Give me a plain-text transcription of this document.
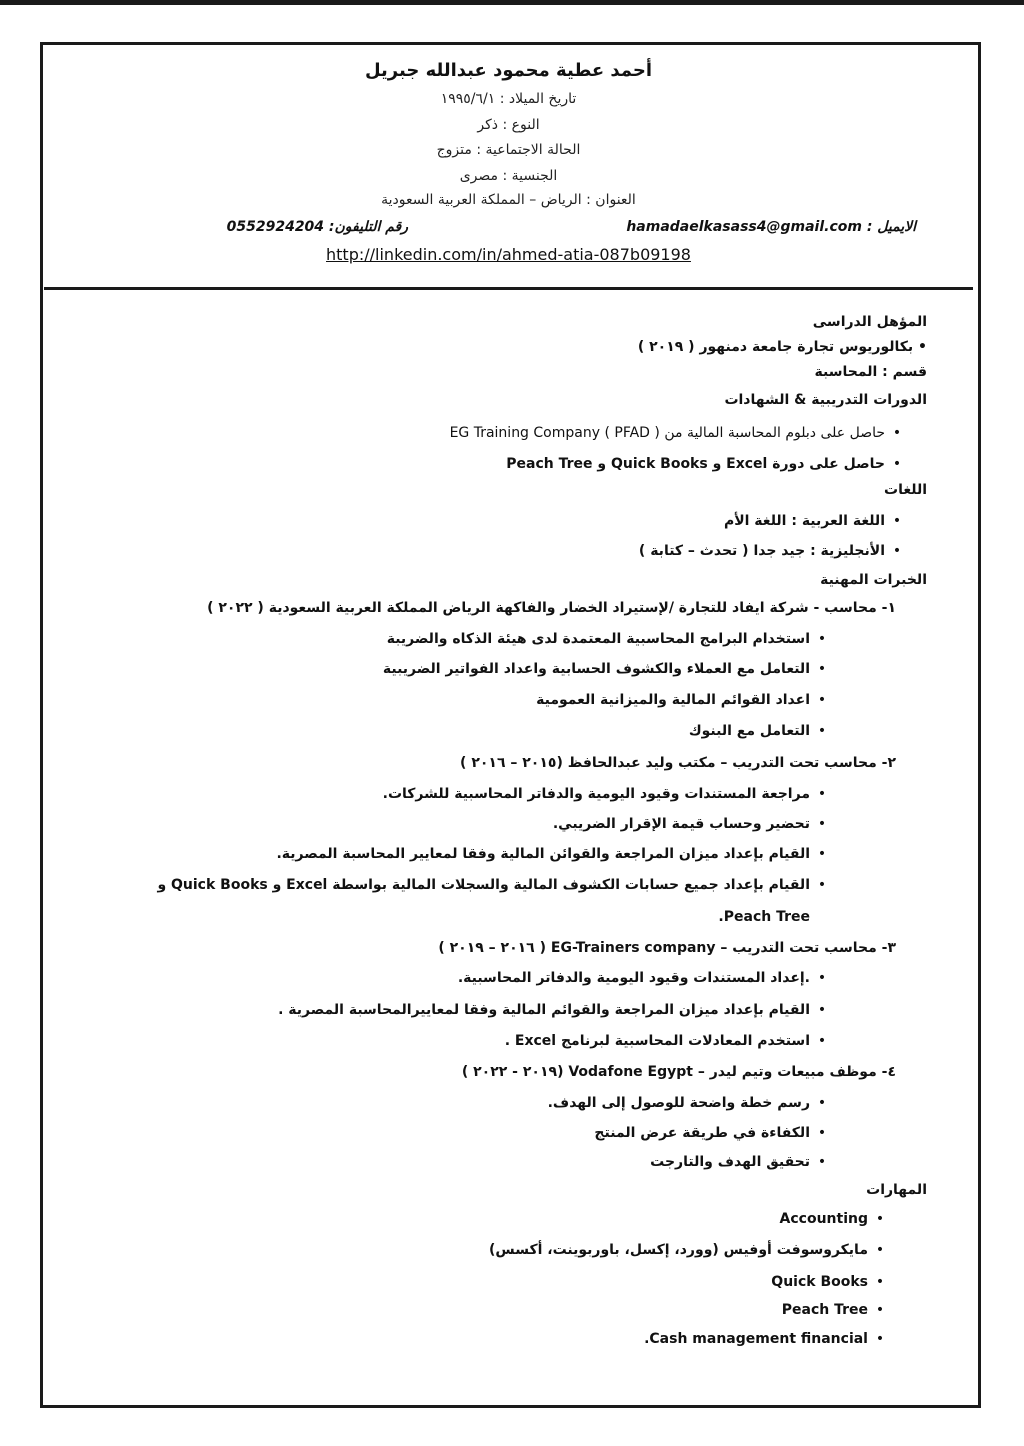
أحمد عطية محمود عبدالله جبريل
تاريخ الميلاد : ١٩٩٥/٦/١
النوع : ذكر
الحالة الاجتماعية : متزوج
الجنسية : مصرى
العنوان : الرياض – المملكة العربية السعودية
الايميل : hamadaelkasass4@gmail.com
رقم التليفون: 0552924204
http://linkedin.com/in/ahmed-atia-087b09198
المؤهل الدراسى
• بكالوريوس تجارة جامعة دمنهور ( ٢٠١٩ )
قسم : المحاسبة
الدورات التدريبية & الشهادات
•حاصل على دبلوم المحاسبة المالية من ( PFAD ) EG Training Company
•حاصل على دورة Excel و Quick Books و Peach Tree
اللغات
•اللغة العربية : اللغة الأم
•الأنجليزية : جيد جدا ( تحدث – كتابة )
الخبرات المهنية
١- محاسب - شركة ايفاد للتجارة /لإستيراد الخضار والفاكهة الرياض المملكة العربية السعودية ( ٢٠٢٢ )
•استخدام البرامج المحاسبية المعتمدة لدى هيئة الذكاه والضريبة
•التعامل مع العملاء والكشوف الحسابية واعداد الفواتير الضريبية
•اعداد القوائم المالية والميزانية العمومية
•التعامل مع البنوك
٢- محاسب تحت التدريب – مكتب وليد عبدالحافظ (٢٠١٥ – ٢٠١٦ )
•مراجعة المستندات وقيود اليومية والدفاتر المحاسبية للشركات.
•تحضير وحساب قيمة الإقرار الضريبي.
•القيام بإعداد ميزان المراجعة والقوائن المالية وفقا لمعايير المحاسبة المصرية.
•القيام بإعداد جميع حسابات الكشوف المالية والسجلات المالية بواسطة Excel و Quick Books و
Peach Tree.
٣- محاسب تحت التدريب – EG-Trainers company ( ٢٠١٦ – ٢٠١٩ )
•.إعداد المستندات وقيود اليومية والدفاتر المحاسبية.
•القيام بإعداد ميزان المراجعة والقوائم المالية وفقا لمعاييرالمحاسبة المصرية .
•استخدم المعادلات المحاسبية لبرنامج Excel .
٤- موظف مبيعات وتيم ليدر – Vodafone Egypt (٢٠١٩ - ٢٠٢٢ )
•رسم خطة واضحة للوصول إلى الهدف.
•الكفاءة في طريقة عرض المنتج
•تحقيق الهدف والتارجت
المهارات
•Accounting
•مايكروسوفت أوفيس (وورد، إكسل، باوربوينت، أكسس)
•Quick Books
•Peach Tree
•Cash management financial.
